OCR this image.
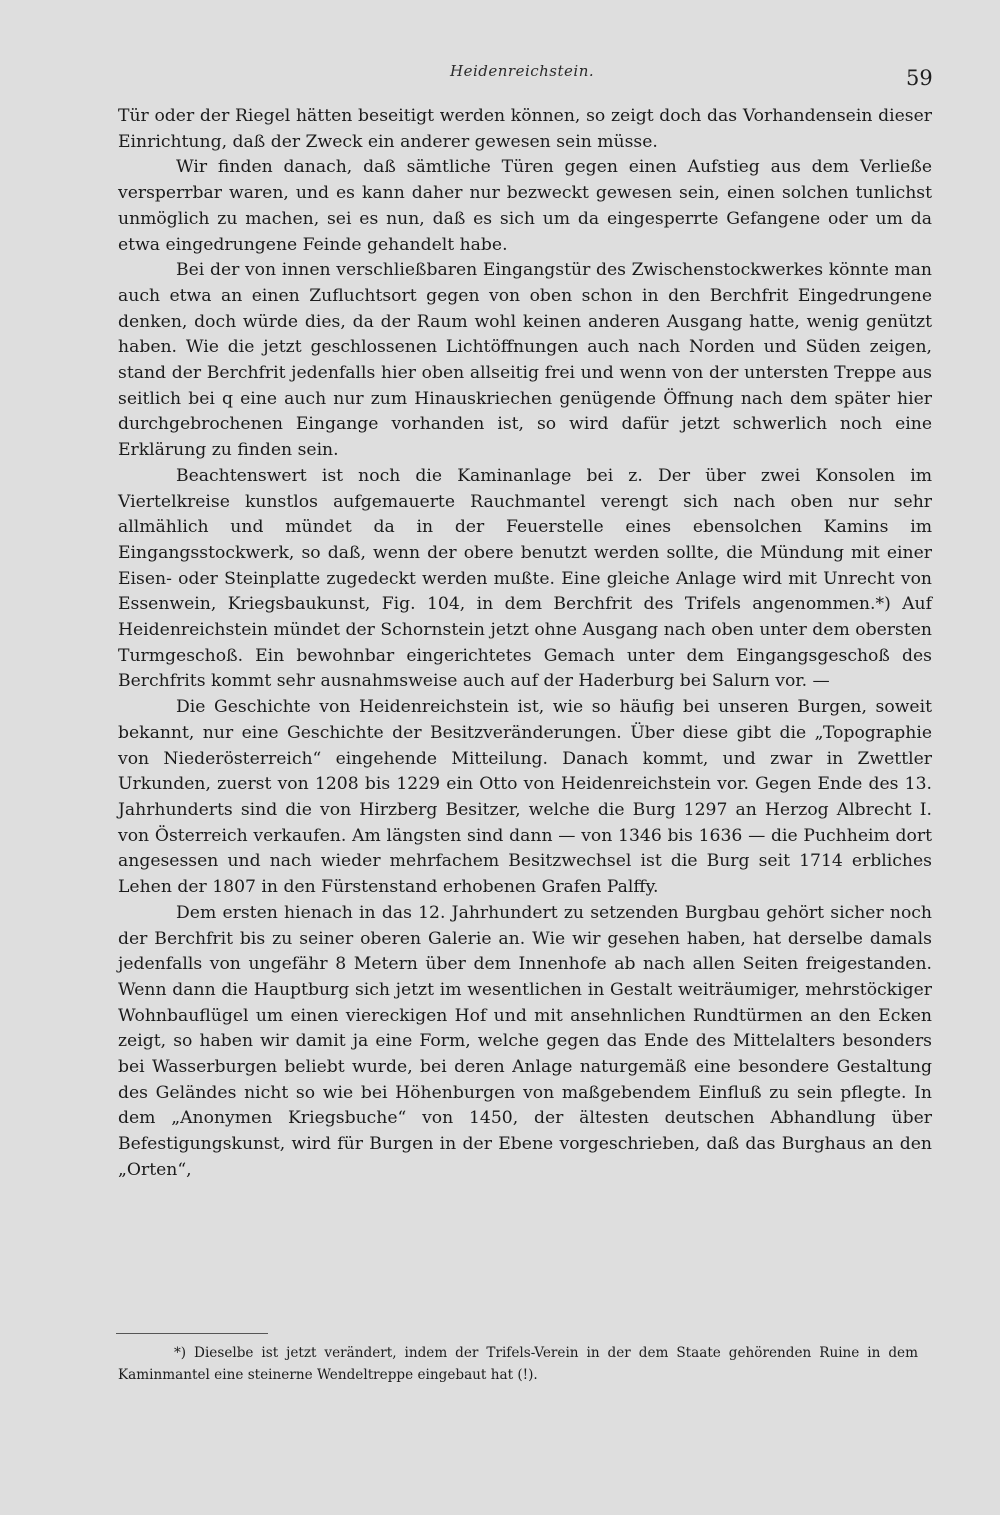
Heidenreichstein.	59

Tür oder der Riegel hätten beseitigt werden können, so zeigt doch das Vorhandensein dieser Einrichtung, daß der Zweck ein anderer gewesen sein müsse.

Wir finden danach, daß sämtliche Türen gegen einen Aufstieg aus dem Verließe versperrbar waren, und es kann daher nur bezweckt gewesen sein, einen solchen tunlichst unmöglich zu machen, sei es nun, daß es sich um da eingesperrte Gefangene oder um da etwa eingedrungene Feinde gehandelt habe.

Bei der von innen verschließbaren Eingangstür des Zwischenstockwerkes könnte man auch etwa an einen Zufluchtsort gegen von oben schon in den Berchfrit Eingedrungene denken, doch würde dies, da der Raum wohl keinen anderen Ausgang hatte, wenig genützt haben. Wie die jetzt geschlossenen Lichtöffnungen auch nach Norden und Süden zeigen, stand der Berchfrit jedenfalls hier oben allseitig frei und wenn von der untersten Treppe aus seitlich bei q eine auch nur zum Hinauskriechen genügende Öffnung nach dem später hier durchgebrochenen Eingange vorhanden ist, so wird dafür jetzt schwerlich noch eine Erklärung zu finden sein.

Beachtenswert ist noch die Kaminanlage bei z. Der über zwei Konsolen im Viertelkreise kunstlos aufgemauerte Rauchmantel verengt sich nach oben nur sehr allmählich und mündet da in der Feuerstelle eines ebensolchen Kamins im Eingangsstockwerk, so daß, wenn der obere benutzt werden sollte, die Mündung mit einer Eisen- oder Steinplatte zugedeckt werden mußte. Eine gleiche Anlage wird mit Unrecht von Essenwein, Kriegsbaukunst, Fig. 104, in dem Berchfrit des Trifels angenommen.*) Auf Heidenreichstein mündet der Schornstein jetzt ohne Ausgang nach oben unter dem obersten Turmgeschoß. Ein bewohnbar eingerichtetes Gemach unter dem Eingangsgeschoß des Berchfrits kommt sehr ausnahmsweise auch auf der Haderburg bei Salurn vor. —

Die Geschichte von Heidenreichstein ist, wie so häufig bei unseren Burgen, soweit bekannt, nur eine Geschichte der Besitzveränderungen. Über diese gibt die „Topographie von Niederösterreich“ eingehende Mitteilung. Danach kommt, und zwar in Zwettler Urkunden, zuerst von 1208 bis 1229 ein Otto von Heidenreichstein vor. Gegen Ende des 13. Jahrhunderts sind die von Hirzberg Besitzer, welche die Burg 1297 an Herzog Albrecht I. von Österreich verkaufen. Am längsten sind dann — von 1346 bis 1636 — die Puchheim dort angesessen und nach wieder mehrfachem Besitzwechsel ist die Burg seit 1714 erbliches Lehen der 1807 in den Fürstenstand erhobenen Grafen Palffy.

Dem ersten hienach in das 12. Jahrhundert zu setzenden Burgbau gehört sicher noch der Berchfrit bis zu seiner oberen Galerie an. Wie wir gesehen haben, hat derselbe damals jedenfalls von ungefähr 8 Metern über dem Innenhofe ab nach allen Seiten freigestanden. Wenn dann die Hauptburg sich jetzt im wesentlichen in Gestalt weiträumiger, mehrstöckiger Wohnbauflügel um einen viereckigen Hof und mit ansehnlichen Rundtürmen an den Ecken zeigt, so haben wir damit ja eine Form, welche gegen das Ende des Mittelalters besonders bei Wasserburgen beliebt wurde, bei deren Anlage naturgemäß eine besondere Gestaltung des Geländes nicht so wie bei Höhenburgen von maßgebendem Einfluß zu sein pflegte. In dem „Anonymen Kriegsbuche“ von 1450, der ältesten deutschen Abhandlung über Befestigungskunst, wird für Burgen in der Ebene vorgeschrieben, daß das Burghaus an den „Orten“,

*) Dieselbe ist jetzt verändert, indem der Trifels-Verein in der dem Staate gehörenden Ruine in dem Kaminmantel eine steinerne Wendeltreppe eingebaut hat (!).
